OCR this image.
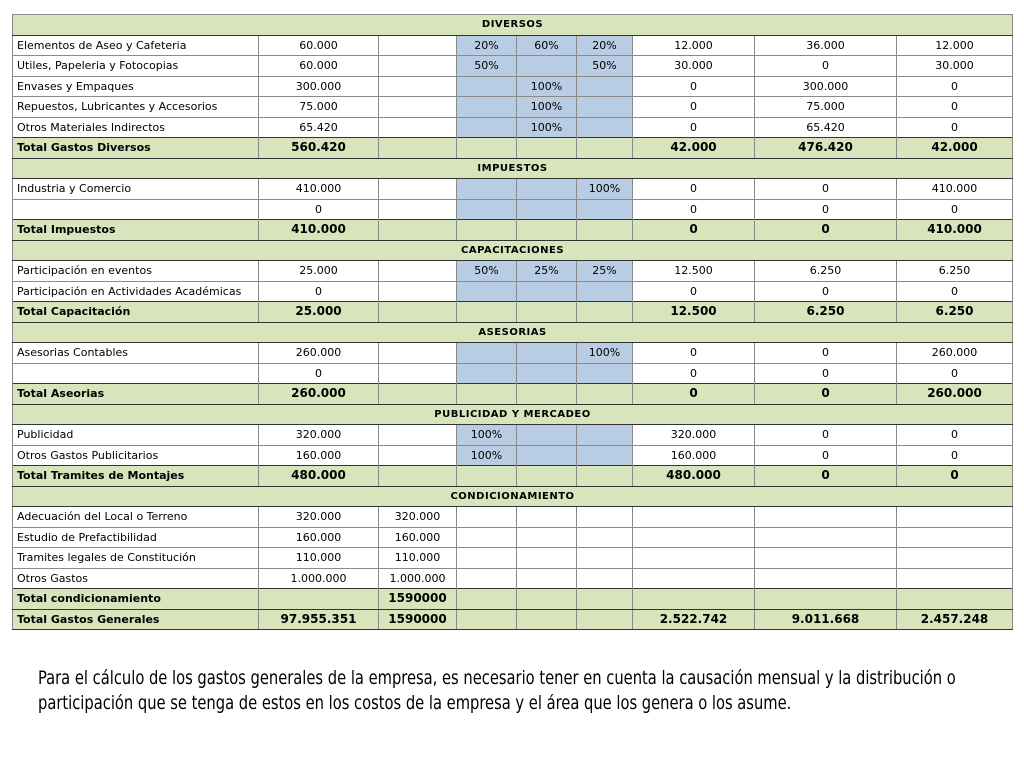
DIVERSOS								
Elementos de Aseo y Cafeteria	60.000		20%	60%	20%	12.000	36.000	12.000
Utiles, Papeleria y Fotocopias	60.000		50%		50%	30.000	0	30.000
Envases y Empaques	300.000			100%		0	300.000	0
Repuestos, Lubricantes y Accesorios	75.000			100%		0	75.000	0
Otros Materiales Indirectos	65.420			100%		0	65.420	0
Total Gastos Diversos	560.420					42.000	476.420	42.000
IMPUESTOS								
Industria y Comercio	410.000				100%	0	0	410.000
	0					0	0	0
Total Impuestos	410.000					0	0	410.000
CAPACITACIONES								
Participación en eventos	25.000		50%	25%	25%	12.500	6.250	6.250
Participación en Actividades Académicas	0					0	0	0
Total Capacitación	25.000					12.500	6.250	6.250
ASESORIAS								
Asesorias Contables	260.000				100%	0	0	260.000
	0					0	0	0
Total Aseorias	260.000					0	0	260.000
PUBLICIDAD Y MERCADEO								
Publicidad	320.000		100%			320.000	0	0
Otros Gastos Publicitarios	160.000		100%			160.000	0	0
Total Tramites de Montajes	480.000					480.000	0	0
CONDICIONAMIENTO								
Adecuación del Local o Terreno	320.000	320.000						
Estudio de Prefactibilidad	160.000	160.000						
Tramites legales de Constitución	110.000	110.000						
Otros Gastos	1.000.000	1.000.000						
Total condicionamiento		1590000						
Total Gastos Generales	97.955.351	1590000				2.522.742	9.011.668	2.457.248
Para el cálculo de los gastos generales de la empresa, es necesario tener en cuenta la causación mensual y la distribución o participación que se tenga de estos en los costos de la empresa y el área que los genera o los asume.
